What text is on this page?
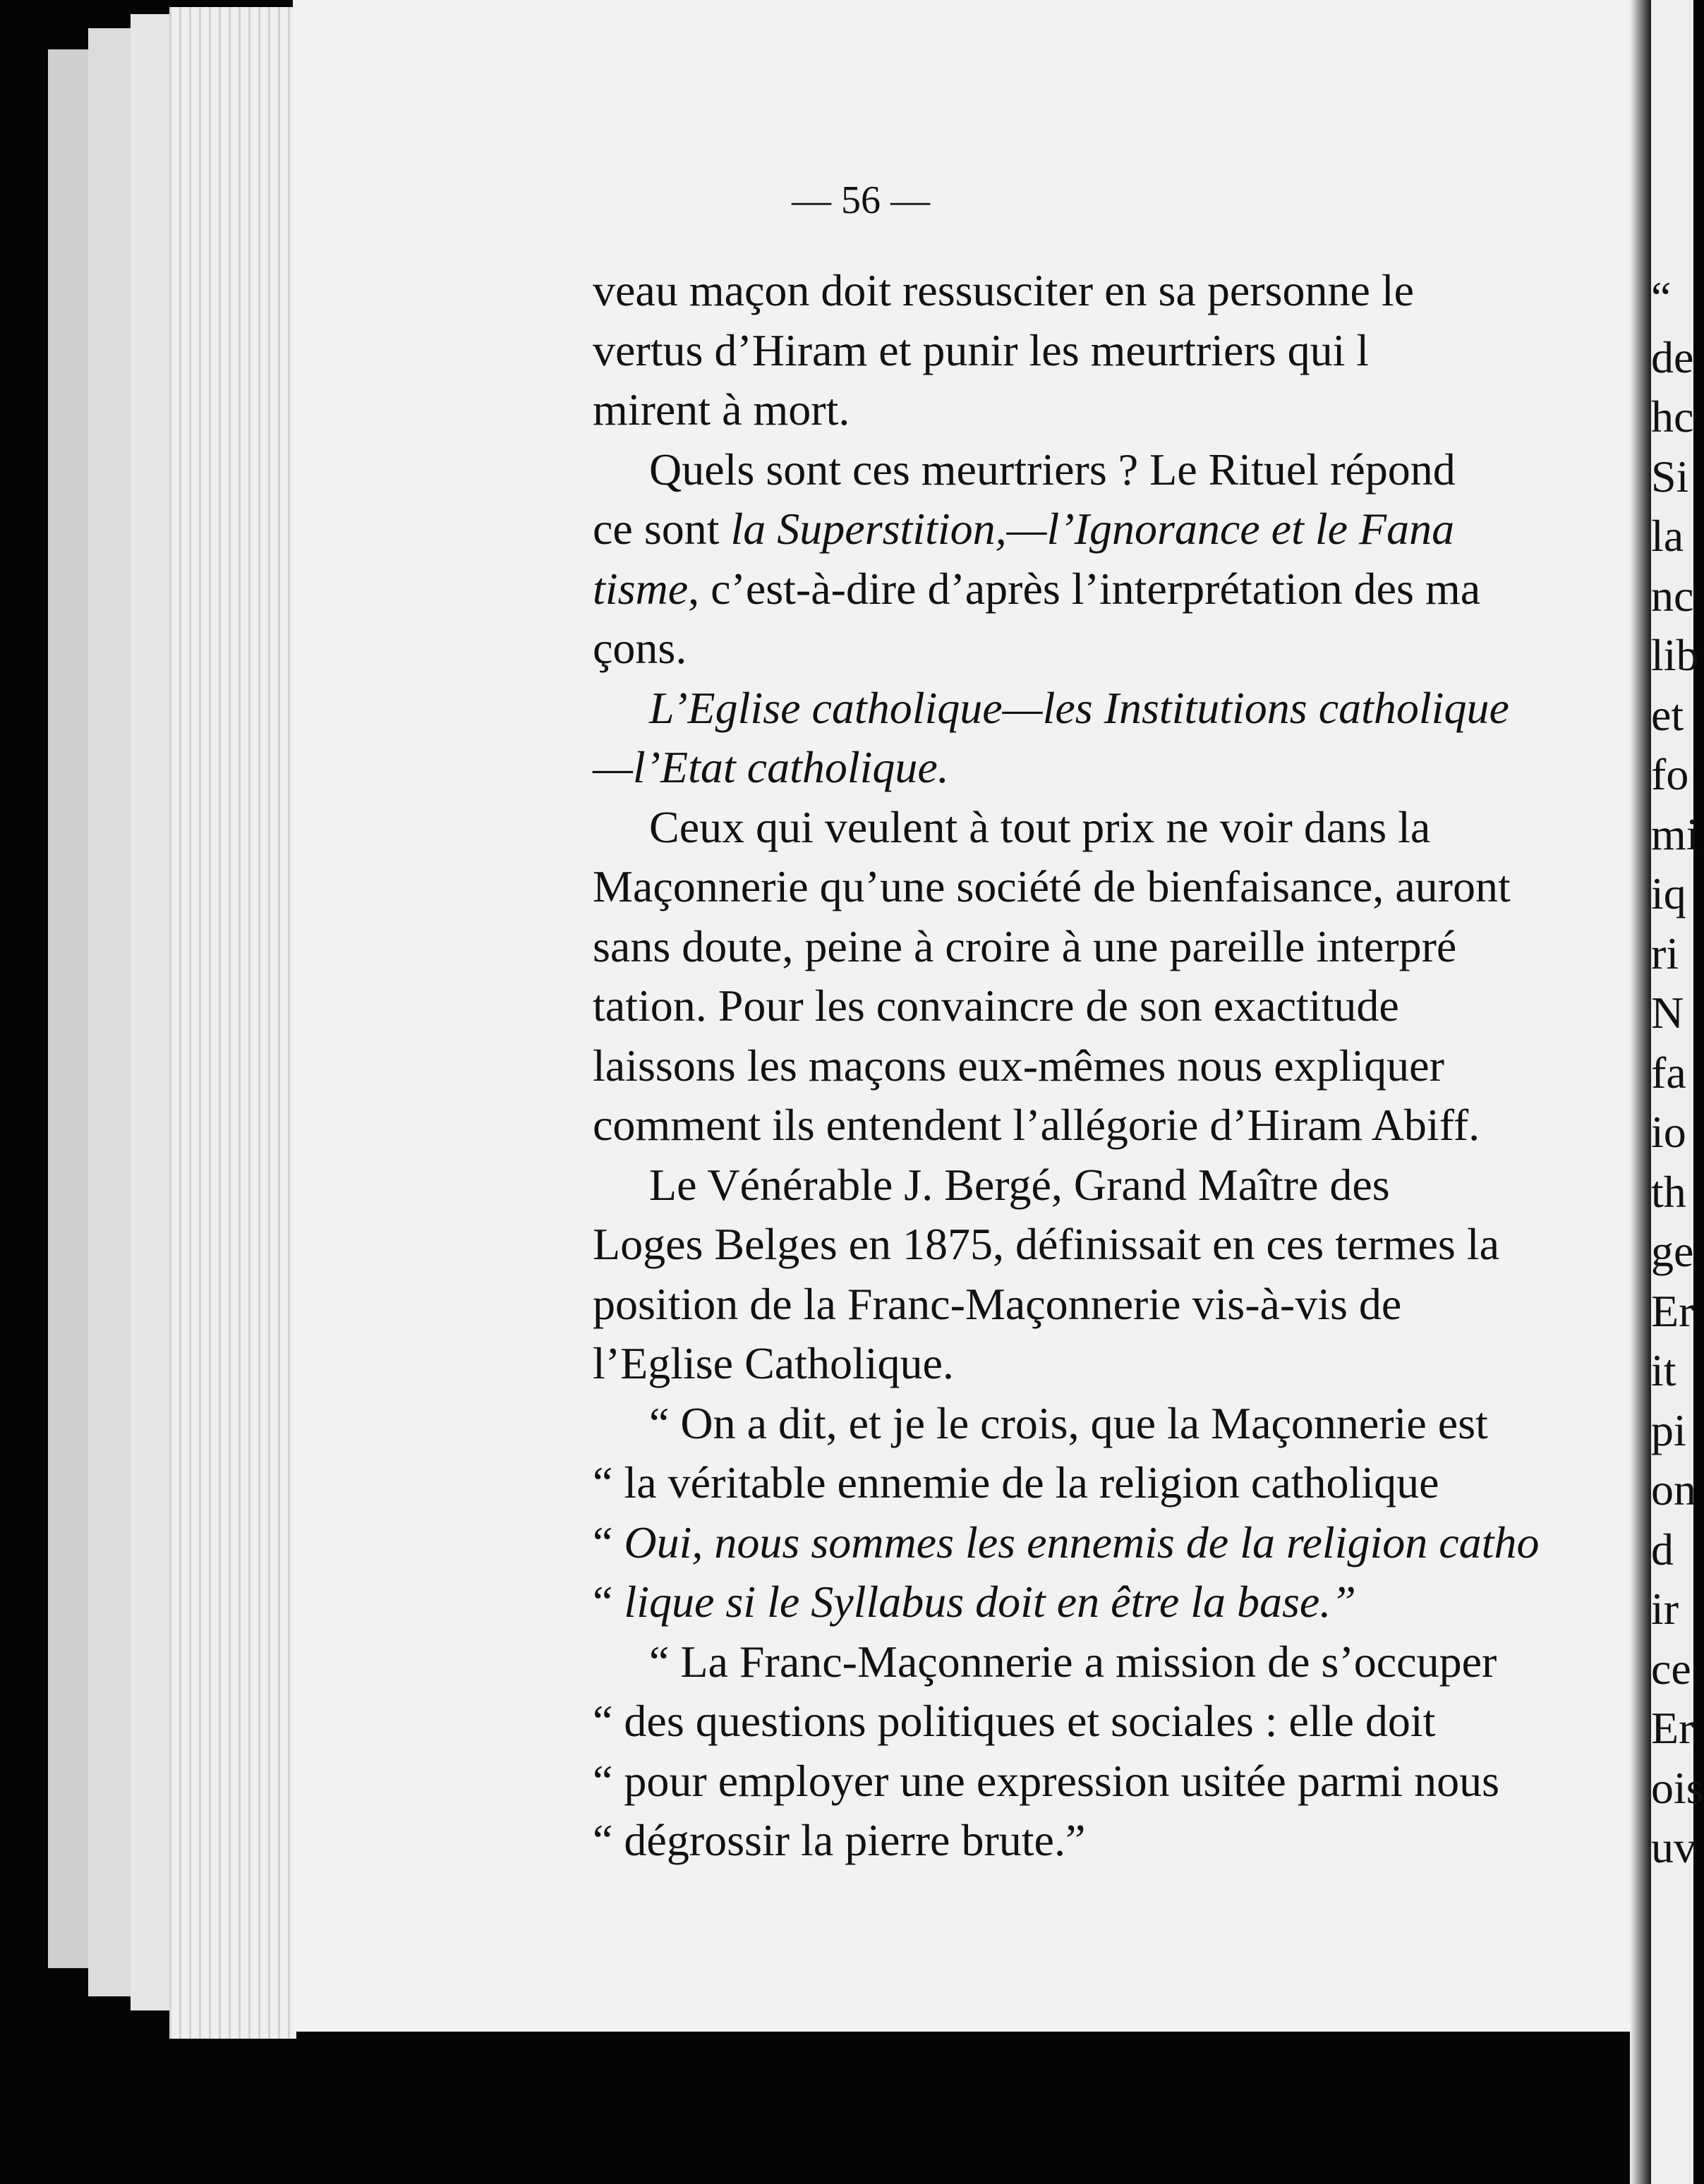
“
de
hc
Si
la
nc
lib
et
fo
mi
iq
ri
N
fa
io
th
ge
Er
it
pi
on
d
ir
ce
Er
ois
uv
— 56 —
veau maçon doit ressusciter en sa personne le
vertus d’Hiram et punir les meurtriers qui l
mirent à mort.
Quels sont ces meurtriers ? Le Rituel répond
ce sont la Superstition,—l’Ignorance et le Fana
tisme, c’est-à-dire d’après l’interprétation des ma
çons.
L’Eglise catholique—les Institutions catholique
—l’Etat catholique.
Ceux qui veulent à tout prix ne voir dans la
Maçonnerie qu’une société de bienfaisance, auront
sans doute, peine à croire à une pareille interpré
tation. Pour les convaincre de son exactitude
laissons les maçons eux-mêmes nous expliquer
comment ils entendent l’allégorie d’Hiram Abiff.
Le Vénérable J. Bergé, Grand Maître des
Loges Belges en 1875, définissait en ces termes la
position de la Franc-Maçonnerie vis-à-vis de
l’Eglise Catholique.
“ On a dit, et je le crois, que la Maçonnerie est
“ la véritable ennemie de la religion catholique
“ Oui, nous sommes les ennemis de la religion catho
“ lique si le Syllabus doit en être la base.”
“ La Franc-Maçonnerie a mission de s’occuper
“ des questions politiques et sociales : elle doit
“ pour employer une expression usitée parmi nous
“ dégrossir la pierre brute.”
